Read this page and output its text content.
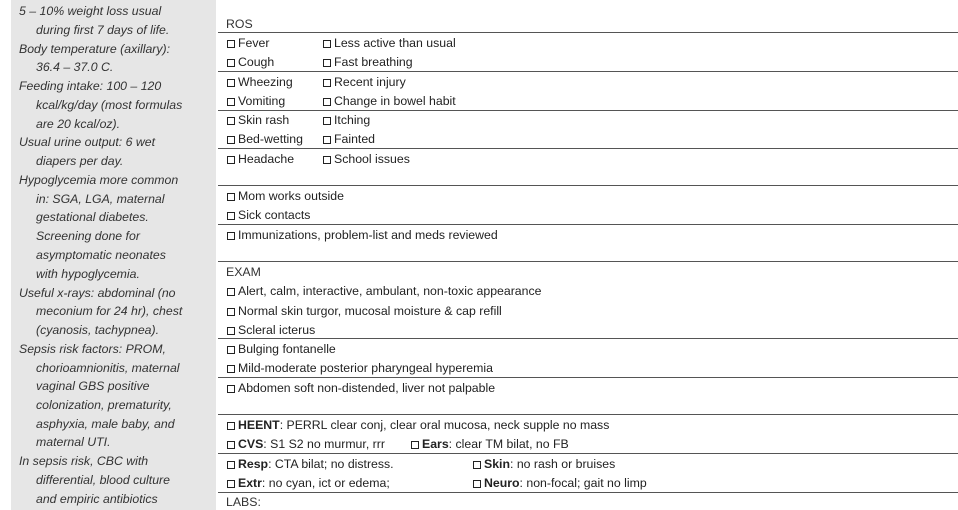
5 – 10% weight loss usual
during first 7 days of life.
Body temperature (axillary):
36.4 – 37.0 C.
Feeding intake: 100 – 120
kcal/kg/day (most formulas
are 20 kcal/oz).
Usual urine output: 6 wet
diapers per day.
Hypoglycemia more common
in: SGA, LGA, maternal
gestational diabetes.
Screening done for
asymptomatic neonates
with hypoglycemia.
Useful x-rays: abdominal (no
meconium for 24 hr), chest
(cyanosis, tachypnea).
Sepsis risk factors: PROM,
chorioamnionitis, maternal
vaginal GBS positive
colonization, prematurity,
asphyxia, male baby, and
maternal UTI.
In sepsis risk, CBC with
differential, blood culture
and empiric antibiotics
ROS
Fever	Less active than usual
Cough	Fast breathing
Wheezing	Recent injury
Vomiting	Change in bowel habit
Skin rash	Itching
Bed-wetting	Fainted
Headache	School issues
Mom works outside
Sick contacts
Immunizations, problem-list and meds reviewed
EXAM
Alert, calm, interactive, ambulant, non-toxic appearance
Normal skin turgor, mucosal moisture & cap refill
Scleral icterus
Bulging fontanelle
Mild-moderate posterior pharyngeal hyperemia
Abdomen soft non-distended, liver not palpable
HEENT: PERRL clear conj, clear oral mucosa, neck supple no mass
CVS: S1 S2 no murmur, rrr	Ears: clear TM bilat, no FB
Resp: CTA bilat; no distress.	Skin: no rash or bruises
Extr: no cyan, ict or edema;	Neuro: non-focal; gait no limp
LABS:
